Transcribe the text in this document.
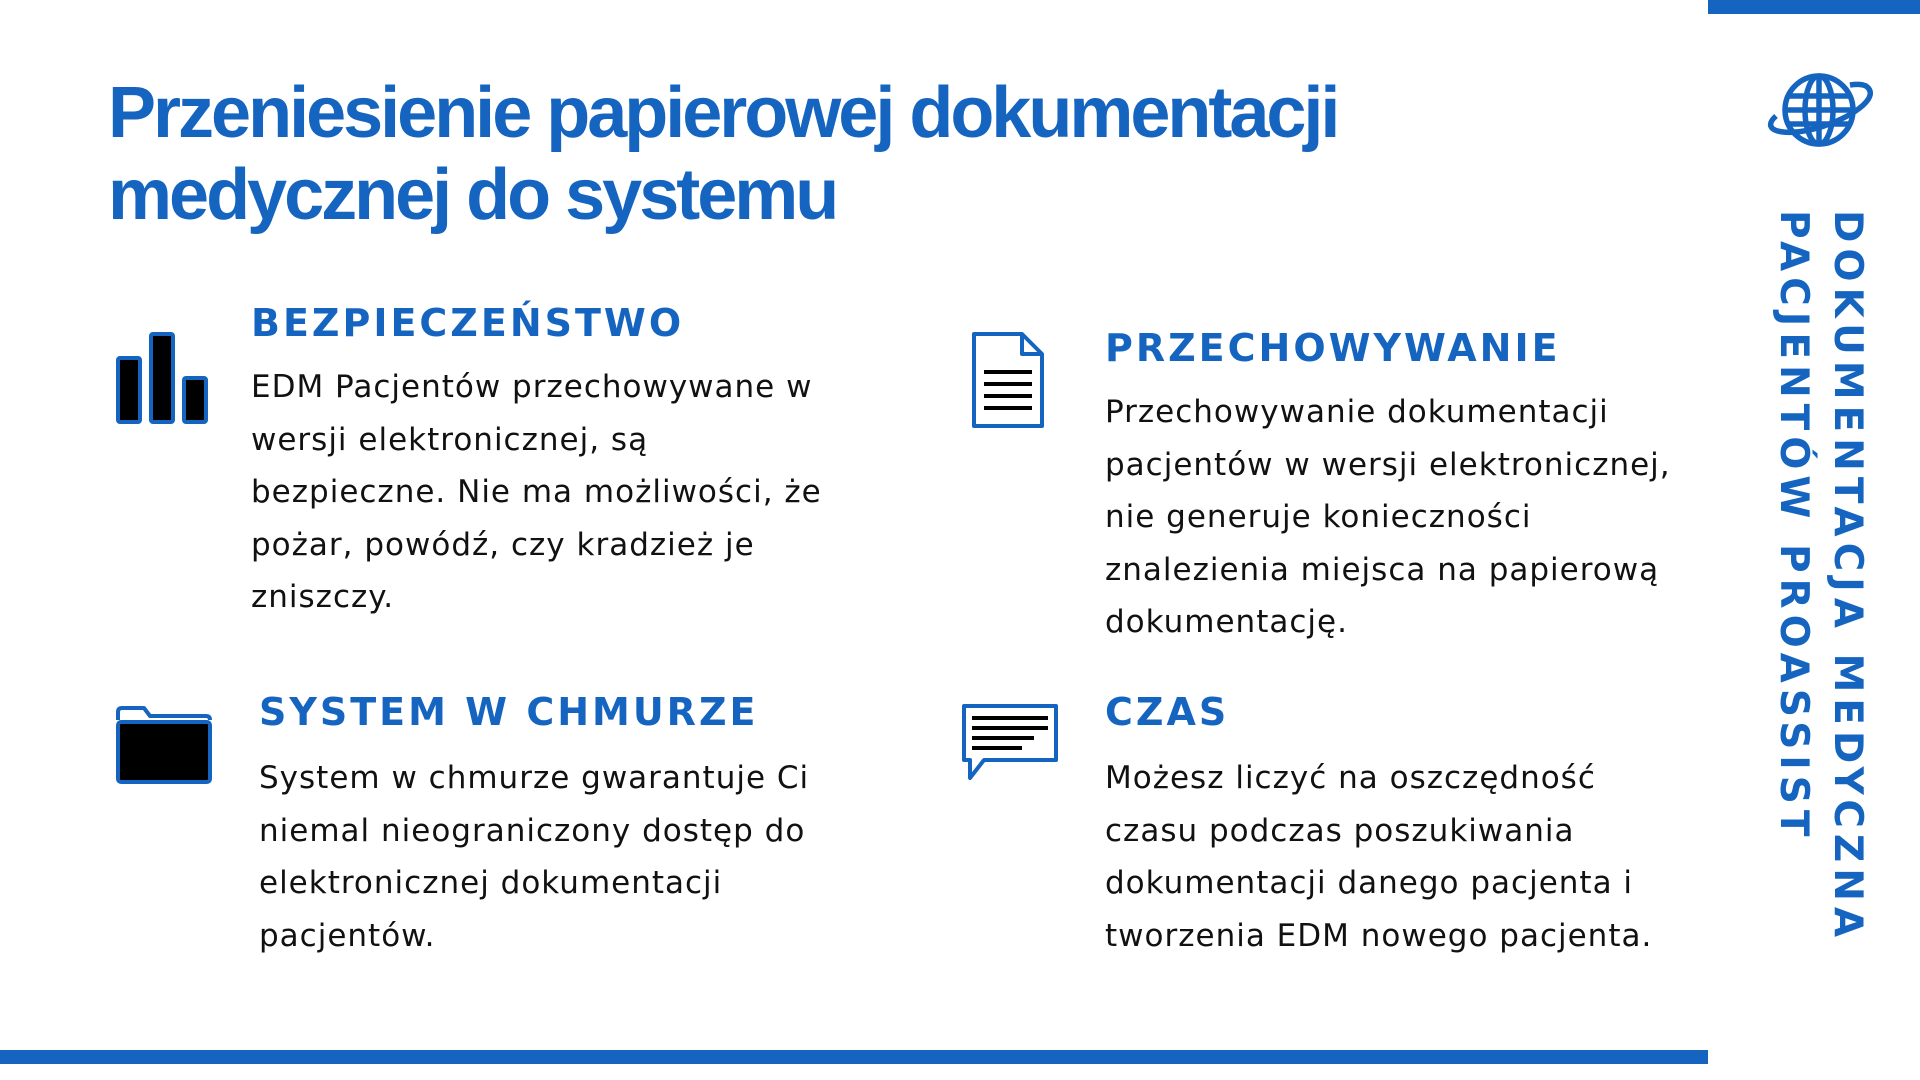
Przeniesienie papierowej dokumentacji
medycznej do systemu
BEZPIECZEŃSTWO
EDM Pacjentów przechowywane w
wersji elektronicznej, są
bezpieczne. Nie ma możliwości, że
pożar, powódź, czy kradzież je
zniszczy.
PRZECHOWYWANIE
Przechowywanie dokumentacji
pacjentów w wersji elektronicznej,
nie generuje konieczności
znalezienia miejsca na papierową
dokumentację.
SYSTEM W CHMURZE
System w chmurze gwarantuje Ci
niemal nieograniczony dostęp do
elektronicznej dokumentacji
pacjentów.
CZAS
Możesz liczyć na oszczędność
czasu podczas poszukiwania
dokumentacji danego pacjenta i
tworzenia EDM nowego pacjenta.	DOKUMENTACJA MEDYCZNA
PACJENTÓW PROASSIST
